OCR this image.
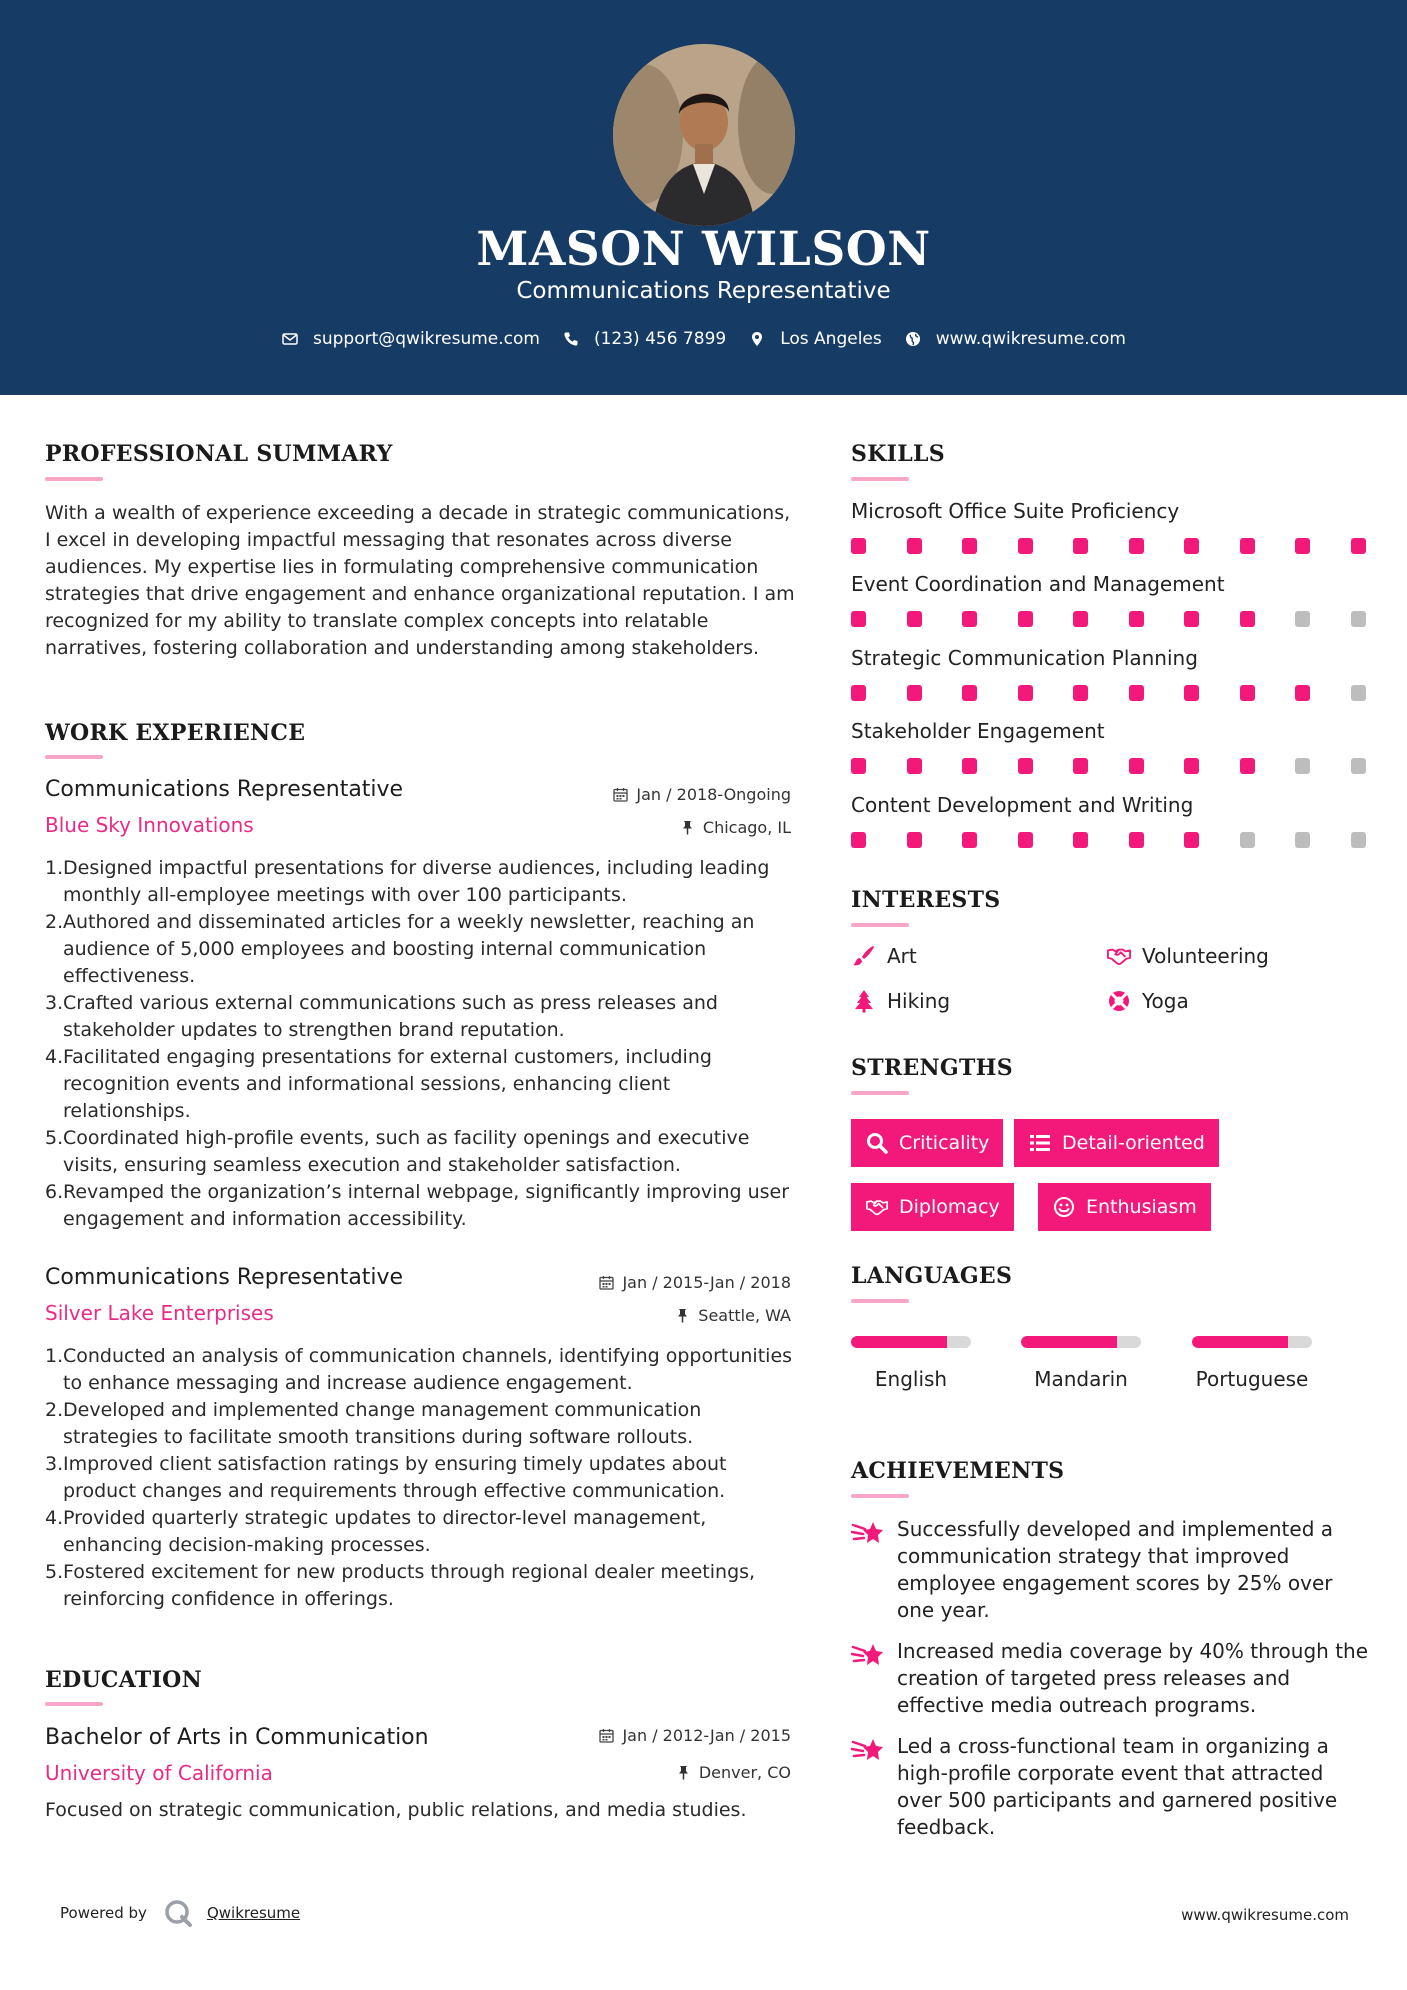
MASON WILSON
Communications Representative
support@qwikresume.com	(123) 456 7899	Los Angeles	www.qwikresume.com
PROFESSIONAL SUMMARY
With a wealth of experience exceeding a decade in strategic communications, I excel in developing impactful messaging that resonates across diverse audiences. My expertise lies in formulating comprehensive communication strategies that drive engagement and enhance organizational reputation. I am recognized for my ability to translate complex concepts into relatable narratives, fostering collaboration and understanding among stakeholders.
WORK EXPERIENCE
Communications Representative	Jan / 2018-Ongoing
Blue Sky Innovations	Chicago, IL
1. Designed impactful presentations for diverse audiences, including leading monthly all-employee meetings with over 100 participants.
2. Authored and disseminated articles for a weekly newsletter, reaching an audience of 5,000 employees and boosting internal communication effectiveness.
3. Crafted various external communications such as press releases and stakeholder updates to strengthen brand reputation.
4. Facilitated engaging presentations for external customers, including recognition events and informational sessions, enhancing client relationships.
5. Coordinated high-profile events, such as facility openings and executive visits, ensuring seamless execution and stakeholder satisfaction.
6. Revamped the organization’s internal webpage, significantly improving user engagement and information accessibility.
Communications Representative	Jan / 2015-Jan / 2018
Silver Lake Enterprises	Seattle, WA
1. Conducted an analysis of communication channels, identifying opportunities to enhance messaging and increase audience engagement.
2. Developed and implemented change management communication strategies to facilitate smooth transitions during software rollouts.
3. Improved client satisfaction ratings by ensuring timely updates about product changes and requirements through effective communication.
4. Provided quarterly strategic updates to director-level management, enhancing decision-making processes.
5. Fostered excitement for new products through regional dealer meetings, reinforcing confidence in offerings.
EDUCATION
Bachelor of Arts in Communication	Jan / 2012-Jan / 2015
University of California	Denver, CO
Focused on strategic communication, public relations, and media studies.
SKILLS
Microsoft Office Suite Proficiency
Event Coordination and Management
Strategic Communication Planning
Stakeholder Engagement
Content Development and Writing
INTERESTS
Art	Volunteering
Hiking	Yoga
STRENGTHS
Criticality	Detail-oriented
Diplomacy	Enthusiasm
LANGUAGES
English	Mandarin	Portuguese
ACHIEVEMENTS
Successfully developed and implemented a communication strategy that improved employee engagement scores by 25% over one year.
Increased media coverage by 40% through the creation of targeted press releases and effective media outreach programs.
Led a cross-functional team in organizing a high-profile corporate event that attracted over 500 participants and garnered positive feedback.
Powered by	Qwikresume	www.qwikresume.com
